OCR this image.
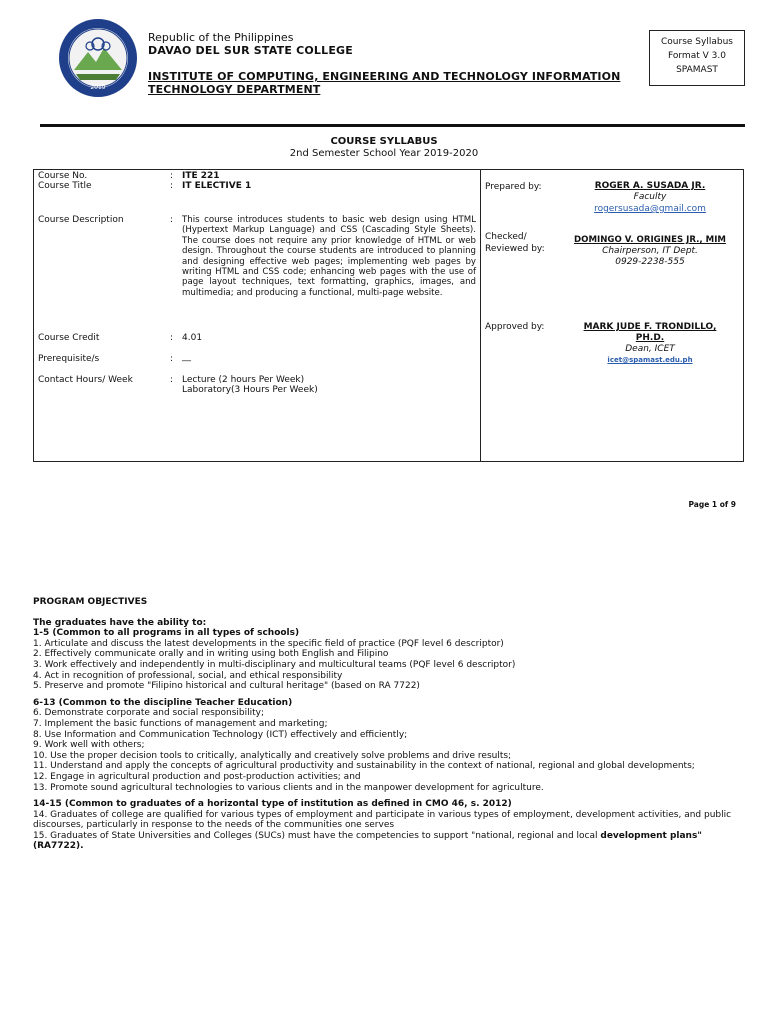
2019
Republic of the Philippines
DAVAO DEL SUR STATE COLLEGE
INSTITUTE OF COMPUTING, ENGINEERING AND TECHNOLOGY INFORMATION
TECHNOLOGY DEPARTMENT
Course Syllabus
Format V 3.0
SPAMAST
COURSE SYLLABUS
2nd Semester School Year 2019-2020
Course No.	: ITE 221
Course Title	: IT ELECTIVE 1
Course Description	: This course introduces students to basic web design using HTML (Hypertext Markup Language) and CSS (Cascading Style Sheets). The course does not require any prior knowledge of HTML or web design. Throughout the course students are introduced to planning and designing effective web pages; implementing web pages by writing HTML and CSS code; enhancing web pages with the use of page layout techniques, text formatting, graphics, images, and multimedia; and producing a functional, multi-page website.
Course Credit	: 4.01
Prerequisite/s	: __
Contact Hours/ Week	: Lecture (2 hours Per Week)
Laboratory(3 Hours Per Week)
Prepared by:	ROGER A. SUSADA JR.
Faculty
rogersusada@gmail.com
Checked/
Reviewed by:
DOMINGO V. ORIGINES JR., MIM
Chairperson, IT Dept.
0929-2238-555
Approved by:	MARK JUDE F. TRONDILLO,
PH.D.
Dean, ICET
icet@spamast.edu.ph
Page 1 of 9
PROGRAM OBJECTIVES
The graduates have the ability to:
1-5 (Common to all programs in all types of schools)
1. Articulate and discuss the latest developments in the specific field of practice (PQF level 6 descriptor)
2. Effectively communicate orally and in writing using both English and Filipino
3. Work effectively and independently in multi-disciplinary and multicultural teams (PQF level 6 descriptor)
4. Act in recognition of professional, social, and ethical responsibility
5. Preserve and promote "Filipino historical and cultural heritage" (based on RA 7722)
6-13 (Common to the discipline Teacher Education)
6. Demonstrate corporate and social responsibility;
7. Implement the basic functions of management and marketing;
8. Use Information and Communication Technology (ICT) effectively and efficiently;
9. Work well with others;
10. Use the proper decision tools to critically, analytically and creatively solve problems and drive results;
11. Understand and apply the concepts of agricultural productivity and sustainability in the context of national, regional and global developments;
12. Engage in agricultural production and post-production activities; and
13. Promote sound agricultural technologies to various clients and in the manpower development for agriculture.
14-15 (Common to graduates of a horizontal type of institution as defined in CMO 46, s. 2012)
14. Graduates of college are qualified for various types of employment and participate in various types of employment, development activities, and public discourses, particularly in response to the needs of the communities one serves
15. Graduates of State Universities and Colleges (SUCs) must have the competencies to support "national, regional and local development plans" (RA7722).
